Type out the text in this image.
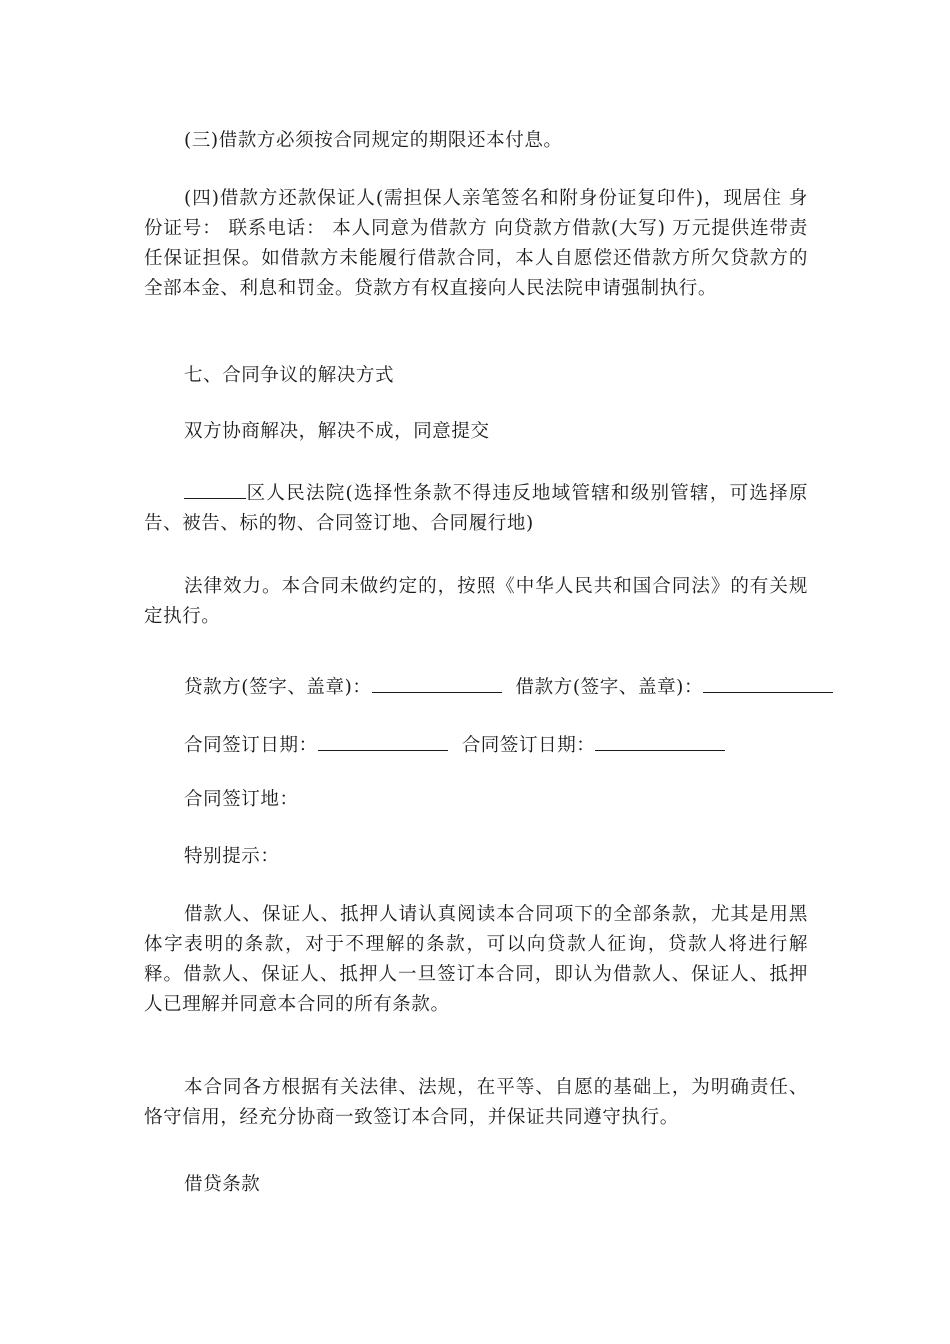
(三)借款方必须按合同规定的期限还本付息。

(四)借款方还款保证人(需担保人亲笔签名和附身份证复印件)，现居住 身份证号： 联系电话： 本人同意为借款方 向贷款方借款(大写) 万元提供连带责任保证担保。如借款方未能履行借款合同，本人自愿偿还借款方所欠贷款方的全部本金、利息和罚金。贷款方有权直接向人民法院申请强制执行。

七、合同争议的解决方式

双方协商解决，解决不成，同意提交

区人民法院(选择性条款不得违反地域管辖和级别管辖，可选择原告、被告、标的物、合同签订地、合同履行地)

法律效力。本合同未做约定的，按照《中华人民共和国合同法》的有关规定执行。

贷款方(签字、盖章)：	借款方(签字、盖章)：

合同签订日期：	合同签订日期：

合同签订地：

特别提示：

借款人、保证人、抵押人请认真阅读本合同项下的全部条款，尤其是用黑体字表明的条款，对于不理解的条款，可以向贷款人征询，贷款人将进行解释。借款人、保证人、抵押人一旦签订本合同，即认为借款人、保证人、抵押人已理解并同意本合同的所有条款。

本合同各方根据有关法律、法规，在平等、自愿的基础上，为明确责任、恪守信用，经充分协商一致签订本合同，并保证共同遵守执行。

借贷条款
